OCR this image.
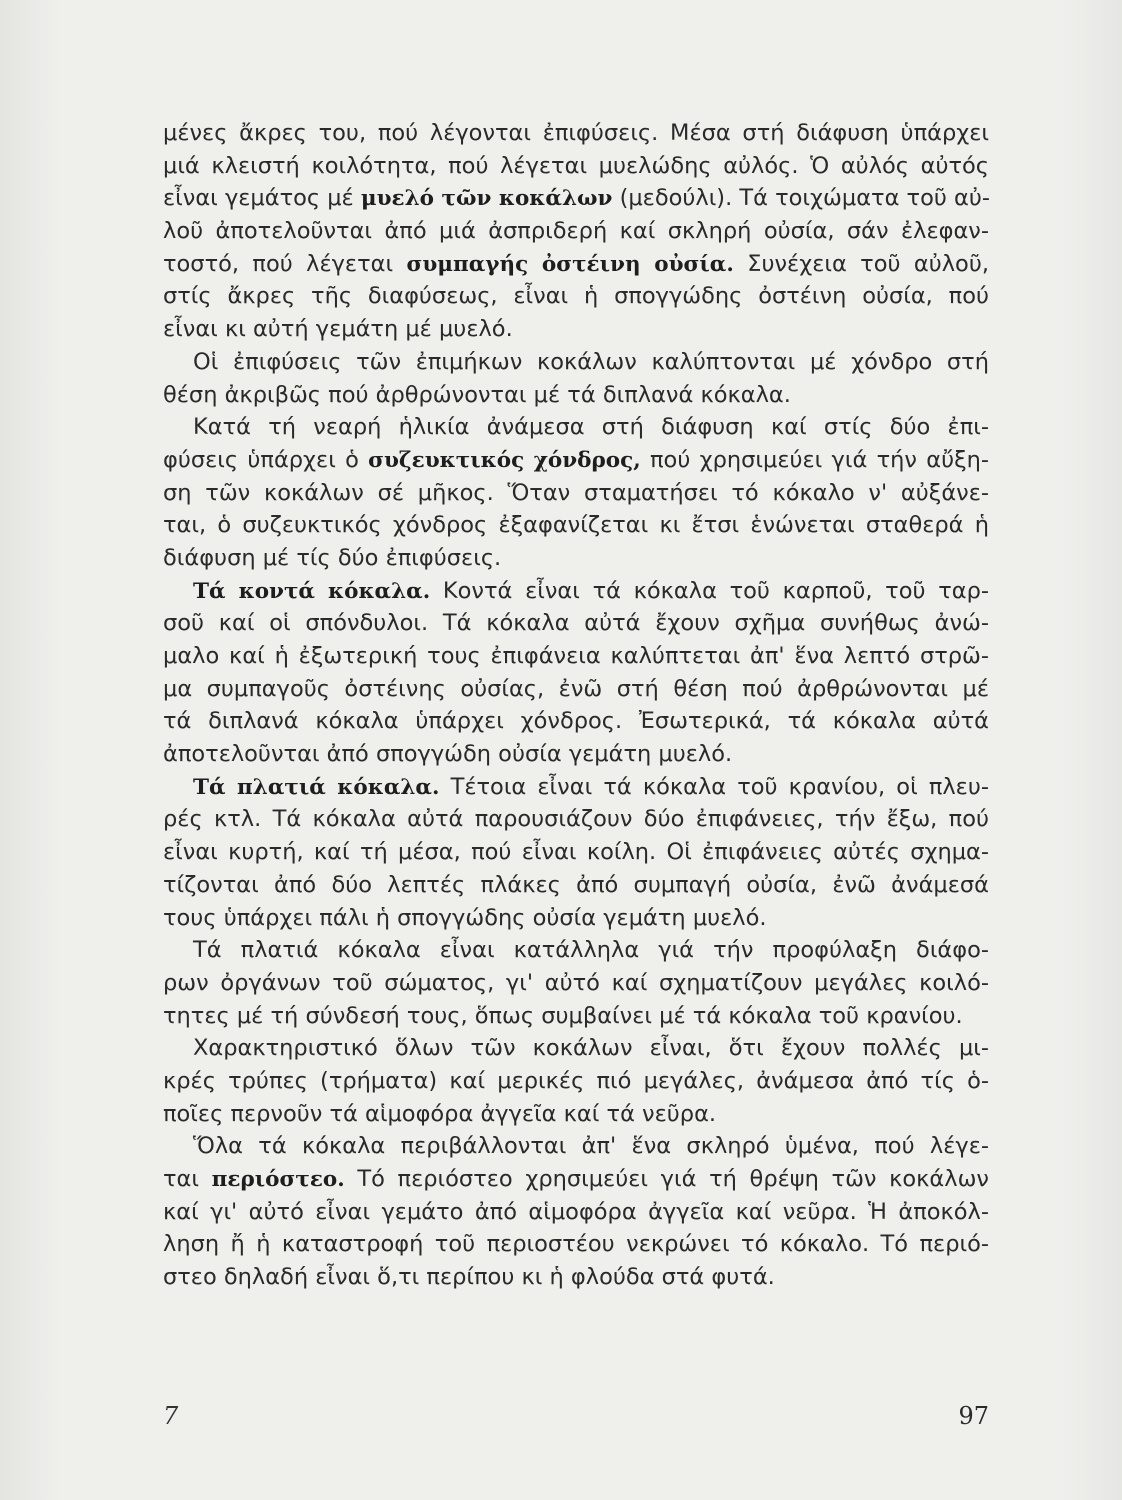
μένες ἄκρες του, πού λέγονται ἐπιφύσεις. Μέσα στή διάφυση ὑπάρχει
μιά κλειστή κοιλότητα, πού λέγεται μυελώδης αὐλός. Ὁ αὐλός αὐτός
εἶναι γεμάτος μέ μυελό τῶν κοκάλων (μεδούλι). Τά τοιχώματα τοῦ αὐ-
λοῦ ἀποτελοῦνται ἀπό μιά ἀσπριδερή καί σκληρή οὐσία, σάν ἐλεφαν-
τοστό, πού λέγεται συμπαγής ὀστέινη οὐσία. Συνέχεια τοῦ αὐλοῦ,
στίς ἄκρες τῆς διαφύσεως, εἶναι ἡ σπογγώδης ὀστέινη οὐσία, πού
εἶναι κι αὐτή γεμάτη μέ μυελό.
Οἱ ἐπιφύσεις τῶν ἐπιμήκων κοκάλων καλύπτονται μέ χόνδρο στή
θέση ἀκριβῶς πού ἀρθρώνονται μέ τά διπλανά κόκαλα.
Κατά τή νεαρή ἡλικία ἀνάμεσα στή διάφυση καί στίς δύο ἐπι-
φύσεις ὑπάρχει ὁ συζευκτικός χόνδρος, πού χρησιμεύει γιά τήν αὔξη-
ση τῶν κοκάλων σέ μῆκος. Ὅταν σταματήσει τό κόκαλο ν' αὐξάνε-
ται, ὁ συζευκτικός χόνδρος ἐξαφανίζεται κι ἔτσι ἑνώνεται σταθερά ἡ
διάφυση μέ τίς δύο ἐπιφύσεις.
Τά κοντά κόκαλα. Κοντά εἶναι τά κόκαλα τοῦ καρποῦ, τοῦ ταρ-
σοῦ καί οἱ σπόνδυλοι. Τά κόκαλα αὐτά ἔχουν σχῆμα συνήθως ἀνώ-
μαλο καί ἡ ἐξωτερική τους ἐπιφάνεια καλύπτεται ἀπ' ἕνα λεπτό στρῶ-
μα συμπαγοῦς ὀστέινης οὐσίας, ἐνῶ στή θέση πού ἀρθρώνονται μέ
τά διπλανά κόκαλα ὑπάρχει χόνδρος. Ἐσωτερικά, τά κόκαλα αὐτά
ἀποτελοῦνται ἀπό σπογγώδη οὐσία γεμάτη μυελό.
Τά πλατιά κόκαλα. Τέτοια εἶναι τά κόκαλα τοῦ κρανίου, οἱ πλευ-
ρές κτλ. Τά κόκαλα αὐτά παρουσιάζουν δύο ἐπιφάνειες, τήν ἔξω, πού
εἶναι κυρτή, καί τή μέσα, πού εἶναι κοίλη. Οἱ ἐπιφάνειες αὐτές σχημα-
τίζονται ἀπό δύο λεπτές πλάκες ἀπό συμπαγή οὐσία, ἐνῶ ἀνάμεσά
τους ὑπάρχει πάλι ἡ σπογγώδης οὐσία γεμάτη μυελό.
Τά πλατιά κόκαλα εἶναι κατάλληλα γιά τήν προφύλαξη διάφο-
ρων ὀργάνων τοῦ σώματος, γι' αὐτό καί σχηματίζουν μεγάλες κοιλό-
τητες μέ τή σύνδεσή τους, ὅπως συμβαίνει μέ τά κόκαλα τοῦ κρανίου.
Χαρακτηριστικό ὅλων τῶν κοκάλων εἶναι, ὅτι ἔχουν πολλές μι-
κρές τρύπες (τρήματα) καί μερικές πιό μεγάλες, ἀνάμεσα ἀπό τίς ὁ-
ποῖες περνοῦν τά αἱμοφόρα ἀγγεῖα καί τά νεῦρα.
Ὅλα τά κόκαλα περιβάλλονται ἀπ' ἕνα σκληρό ὑμένα, πού λέγε-
ται περιόστεο. Τό περιόστεο χρησιμεύει γιά τή θρέψη τῶν κοκάλων
καί γι' αὐτό εἶναι γεμάτο ἀπό αἱμοφόρα ἀγγεῖα καί νεῦρα. Ἡ ἀποκόλ-
ληση ἤ ἡ καταστροφή τοῦ περιοστέου νεκρώνει τό κόκαλο. Τό περιό-
στεο δηλαδή εἶναι ὅ,τι περίπου κι ἡ φλούδα στά φυτά.
7	97
